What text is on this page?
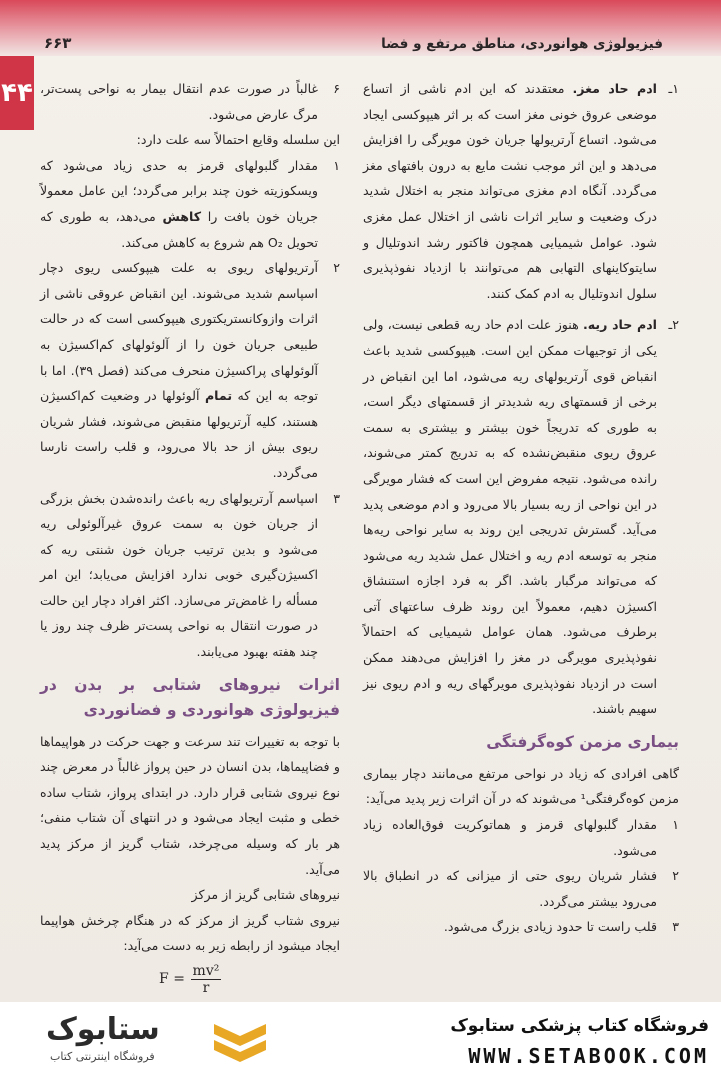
۴۴
۶۶۳	فیزیولوژی هوانوردی، مناطق مرتفع و فضا
۱ـ

ادم حاد مغز. معتقدند که این ادم ناشی از اتساع موضعی عروق خونی مغز است که بر اثر هیپوکسی ایجاد می‌شود. اتساع آرتریولها جریان خون مویرگی را افزایش می‌دهد و این اثر موجب نشت مایع به درون بافتهای مغز می‌گردد. آنگاه ادم مغزی می‌تواند منجر به اختلال شدید درک وضعیت و سایر اثرات ناشی از اختلال عمل مغزی شود. عوامل شیمیایی همچون فاکتور رشد اندوتلیال و سایتوکاینهای التهابی هم می‌توانند با ازدیاد نفوذپذیری سلول اندوتلیال به ادم کمک کنند.

۲ـ

ادم حاد ریه. هنوز علت ادم حاد ریه قطعی نیست، ولی یکی از توجیهات ممکن این است. هیپوکسی شدید باعث انقباض قوی آرتریولهای ریه می‌شود، اما این انقباض در برخی از قسمتهای ریه شدیدتر از قسمتهای دیگر است، به طوری که تدریجاً خون بیشتر و بیشتری به سمت عروق ریوی منقبض‌نشده که به تدریج کمتر می‌شوند، رانده می‌شود. نتیجه مفروض این است که فشار مویرگی در این نواحی از ریه بسیار بالا می‌رود و ادم موضعی پدید می‌آید. گسترش تدریجی این روند به سایر نواحی ریه‌ها منجر به توسعه ادم ریه و اختلال عمل شدید ریه می‌شود که می‌تواند مرگبار باشد. اگر به فرد اجازه استنشاق اکسیژن دهیم، معمولاً این روند ظرف ساعتهای آتی برطرف می‌شود. همان عوامل شیمیایی که احتمالاً نفوذپذیری مویرگی در مغز را افزایش می‌دهند ممکن است در ازدیاد نفوذپذیری مویرگهای ریه و ادم ریوی نیز سهیم باشند.

بیماری مزمن کوه‌گرفتگی

گاهی افرادی که زیاد در نواحی مرتفع می‌مانند دچار بیماری مزمن کوه‌گرفتگی¹ می‌شوند که در آن اثرات زیر پدید می‌آید:

۱

مقدار گلبولهای قرمز و هماتوکریت فوق‌العاده زیاد می‌شود.

۲

فشار شریان ریوی حتی از میزانی که در انطباق بالا می‌رود بیشتر می‌گردد.

۳

قلب راست تا حدود زیادی بزرگ می‌شود.

۶

غالباً در صورت عدم انتقال بیمار به نواحی پست‌تر، مرگ عارض می‌شود.

این سلسله وقایع احتمالاً سه علت دارد:

۱

مقدار گلبولهای قرمز به حدی زیاد می‌شود که ویسکوزیته خون چند برابر می‌گردد؛ این عامل معمولاً جریان خون بافت را کاهش می‌دهد، به طوری که تحویل O₂ هم شروع به کاهش می‌کند.

۲

آرتریولهای ریوی به علت هیپوکسی ریوی دچار اسپاسم شدید می‌شوند. این انقباض عروقی ناشی از اثرات وازوکانستریکتوری هیپوکسی است که در حالت طبیعی جریان خون را از آلوئولهای کم‌اکسیژن به آلوئولهای پراکسیژن منحرف می‌کند (فصل ۳۹). اما با توجه به این که تمام آلوئولها در وضعیت کم‌اکسیژن هستند، کلیه آرتریولها منقبض می‌شوند، فشار شریان ریوی بیش از حد بالا می‌رود، و قلب راست نارسا می‌گردد.

۳

اسپاسم آرتریولهای ریه باعث رانده‌شدن بخش بزرگی از جریان خون به سمت عروق غیرآلوئولی ریه می‌شود و بدین ترتیب جریان خون شنتی ریه که اکسیژن‌گیری خوبی ندارد افزایش می‌یابد؛ این امر مسأله را غامض‌تر می‌سازد. اکثر افراد دچار این حالت در صورت انتقال به نواحی پست‌تر ظرف چند روز یا چند هفته بهبود می‌یابند.

اثرات نیروهای شتابی بر بدن در فیزیولوژی هوانوردی و فضانوردی

با توجه به تغییرات تند سرعت و جهت حرکت در هواپیماها و فضاپیماها، بدن انسان در حین پرواز غالباً در معرض چند نوع نیروی شتابی قرار دارد. در ابتدای پرواز، شتاب ساده خطی و مثبت ایجاد می‌شود و در انتهای آن شتاب منفی؛ هر بار که وسیله می‌چرخد، شتاب گریز از مرکز پدید می‌آید.

نیروهای شتابی گریز از مرکز

نیروی شتاب گریز از مرکز که در هنگام چرخش هواپیما ایجاد میشود از رابطه زیر به دست می‌آید:

$F = \frac{\text{mv²}}{r}$
فروشگاه کتاب پزشکی ستابوک
WWW.SETABOOK.COM
ستابوک
فروشگاه اینترنتی کتاب
